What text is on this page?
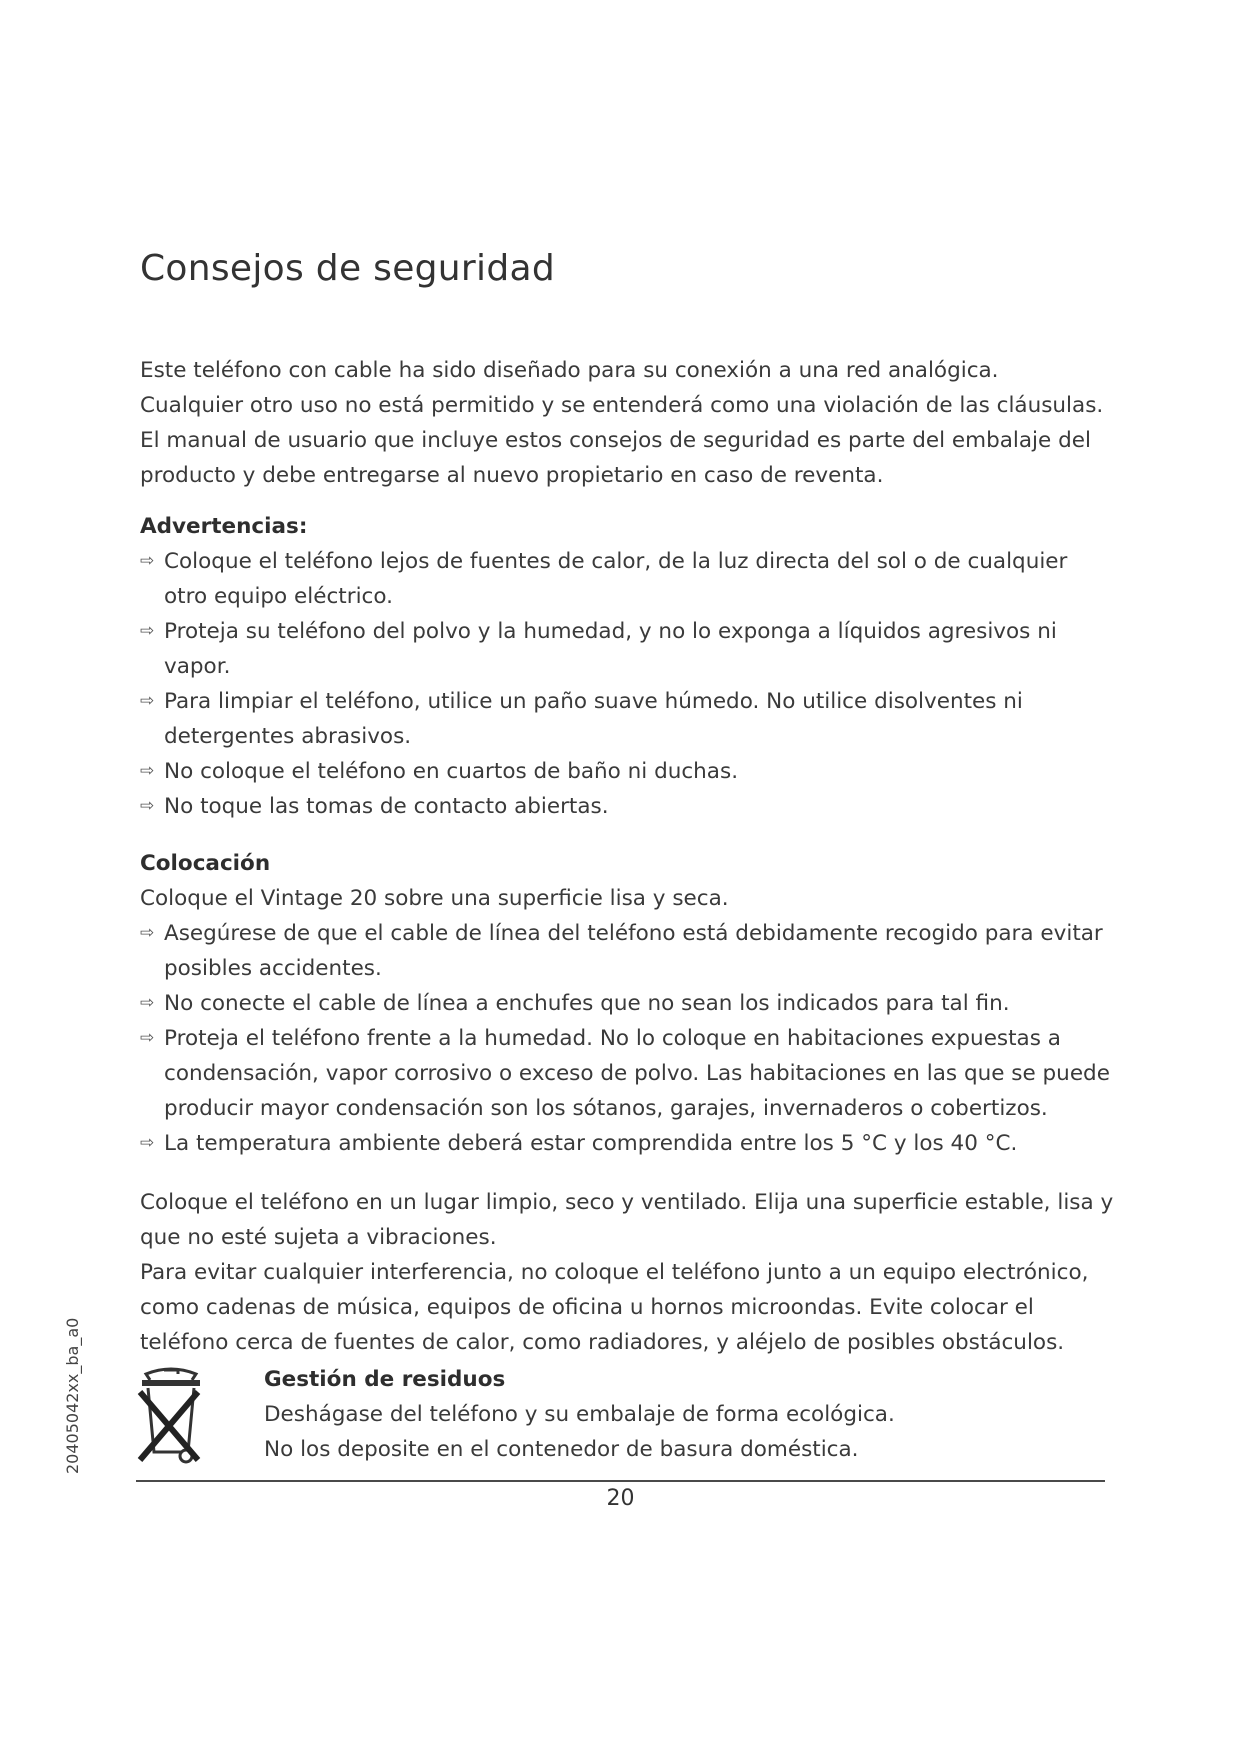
Consejos de seguridad

Este teléfono con cable ha sido diseñado para su conexión a una red analógica.
Cualquier otro uso no está permitido y se entenderá como una violación de las cláusulas.
El manual de usuario que incluye estos consejos de seguridad es parte del embalaje del
producto y debe entregarse al nuevo propietario en caso de reventa.

Advertencias:

⇨ Coloque el teléfono lejos de fuentes de calor, de la luz directa del sol o de cualquier otro equipo eléctrico.
⇨ Proteja su teléfono del polvo y la humedad, y no lo exponga a líquidos agresivos ni vapor.
⇨ Para limpiar el teléfono, utilice un paño suave húmedo. No utilice disolventes ni detergentes abrasivos.
⇨ No coloque el teléfono en cuartos de baño ni duchas.
⇨ No toque las tomas de contacto abiertas.

Colocación

Coloque el Vintage 20 sobre una superficie lisa y seca.

⇨ Asegúrese de que el cable de línea del teléfono está debidamente recogido para evitar posibles accidentes.
⇨ No conecte el cable de línea a enchufes que no sean los indicados para tal fin.
⇨ Proteja el teléfono frente a la humedad. No lo coloque en habitaciones expuestas a condensación, vapor corrosivo o exceso de polvo. Las habitaciones en las que se puede producir mayor condensación son los sótanos, garajes, invernaderos o cobertizos.
⇨ La temperatura ambiente deberá estar comprendida entre los 5 °C y los 40 °C.

Coloque el teléfono en un lugar limpio, seco y ventilado. Elija una superficie estable, lisa y que no esté sujeta a vibraciones.

Para evitar cualquier interferencia, no coloque el teléfono junto a un equipo electrónico, como cadenas de música, equipos de oficina u hornos microondas. Evite colocar el teléfono cerca de fuentes de calor, como radiadores, y aléjelo de posibles obstáculos.

Gestión de residuos

Deshágase del teléfono y su embalaje de forma ecológica.

No los deposite en el contenedor de basura doméstica.

20
20405042xx_ba_a0
